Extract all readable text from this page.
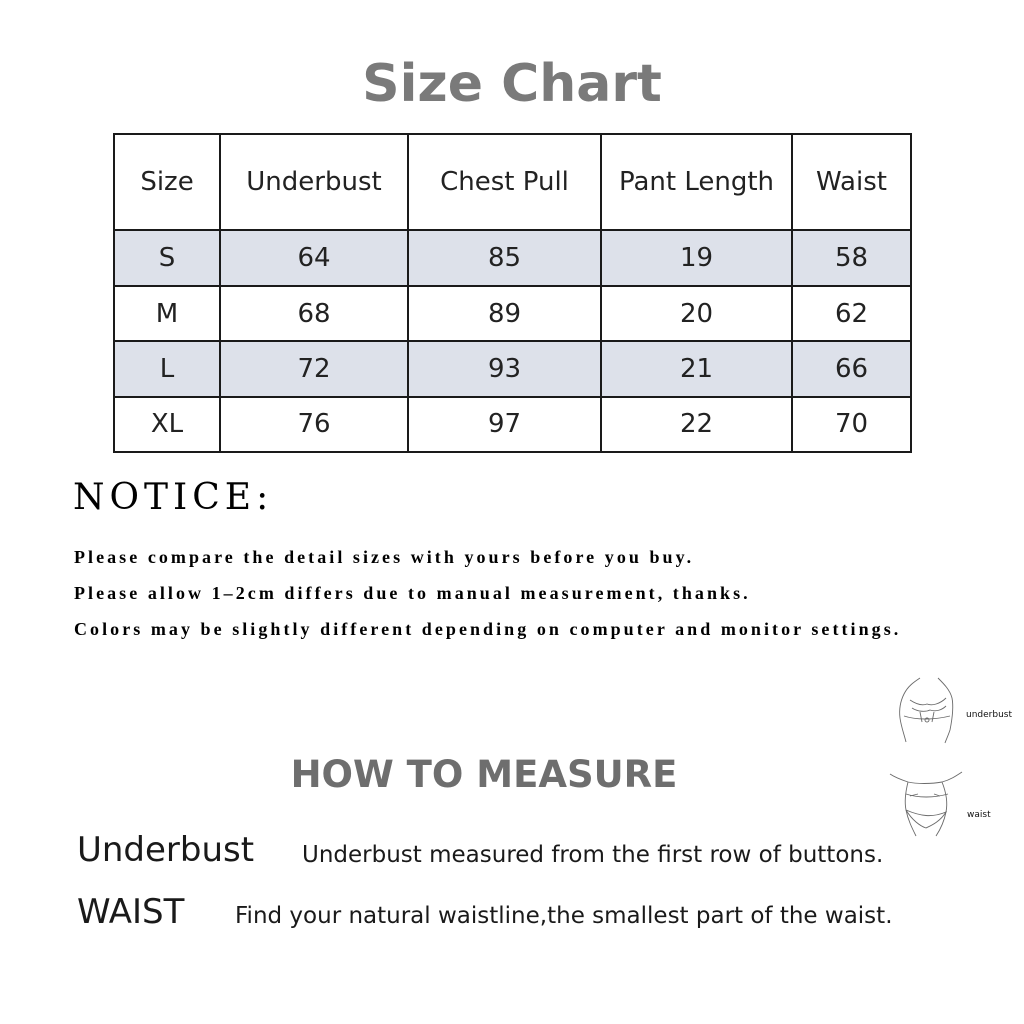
Size Chart
Size	Underbust	Chest Pull	Pant Length	Waist
S	64	85	19	58
M	68	89	20	62
L	72	93	21	66
XL	76	97	22	70
NOTICE:
Please compare the detail sizes with yours before you buy.
Please allow 1–2cm differs due to manual measurement, thanks.
Colors may be slightly different depending on computer and monitor settings.
underbust
waist
HOW TO MEASURE
Underbust Underbust measured from the first row of buttons.
WAIST Find your natural waistline,the smallest part of the waist.
